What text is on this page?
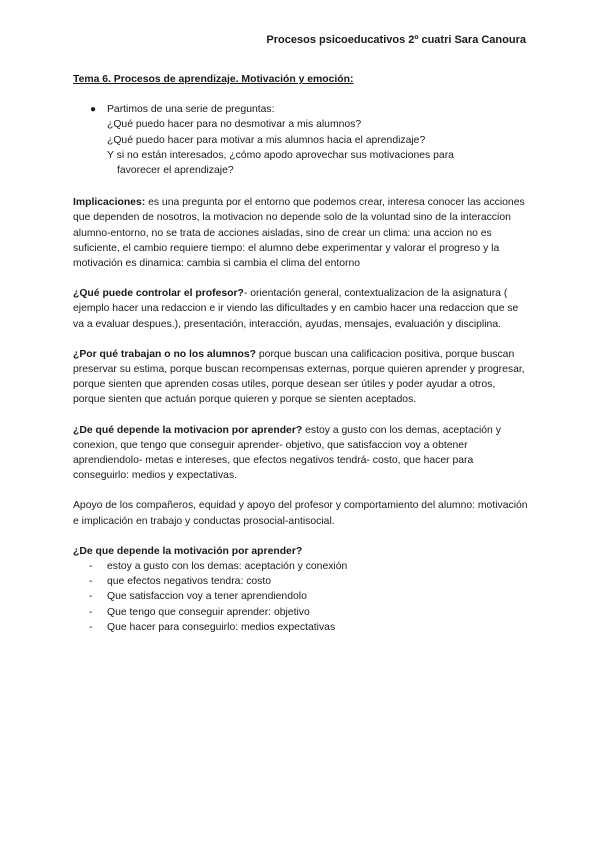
Procesos psicoeducativos 2º cuatri Sara Canoura
Tema 6. Procesos de aprendizaje. Motivación y emoción:
● Partimos de una serie de preguntas:
¿Qué puedo hacer para no desmotivar a mis alumnos?
¿Qué puedo hacer para motivar a mis alumnos hacia el aprendizaje?
Y si no están interesados, ¿cómo apodo aprovechar sus motivaciones para
favorecer el aprendizaje?

Implicaciones: es una pregunta por el entorno que podemos crear, interesa conocer las acciones que dependen de nosotros, la motivacion no depende solo de la voluntad sino de la interaccion alumno-entorno, no se trata de acciones aisladas, sino de crear un clima: una accion no es suficiente, el cambio requiere tiempo: el alumno debe experimentar y valorar el progreso y la motivación es dinamica: cambia si cambia el clima del entorno

¿Qué puede controlar el profesor?- orientación general, contextualizacion de la asignatura ( ejemplo hacer una redaccion e ir viendo las dificultades y en cambio hacer una redaccion que se va a evaluar despues.), presentación, interacción, ayudas, mensajes, evaluación y disciplina.

¿Por qué trabajan o no los alumnos? porque buscan una calificacion positiva, porque buscan preservar su estima, porque buscan recompensas externas, porque quieren aprender y progresar, porque sienten que aprenden cosas utiles, porque desean ser útiles y poder ayudar a otros, porque sienten que actuán porque quieren y porque se sienten aceptados.

¿De qué depende la motivacion por aprender? estoy a gusto con los demas, aceptación y conexion, que tengo que conseguir aprender- objetivo, que satisfaccion voy a obtener aprendiendolo- metas e intereses, que efectos negativos tendrá- costo, que hacer para conseguirlo: medios y expectativas.

Apoyo de los compañeros, equidad y apoyo del profesor y comportamiento del alumno: motivación e implicación en trabajo y conductas prosocial-antisocial.

¿De que depende la motivación por aprender?

- estoy a gusto con los demas: aceptación y conexión
- que efectos negativos tendra: costo
- Que satisfaccion voy a tener aprendiendolo
- Que tengo que conseguir aprender: objetivo
- Que hacer para conseguirlo: medios expectativas
